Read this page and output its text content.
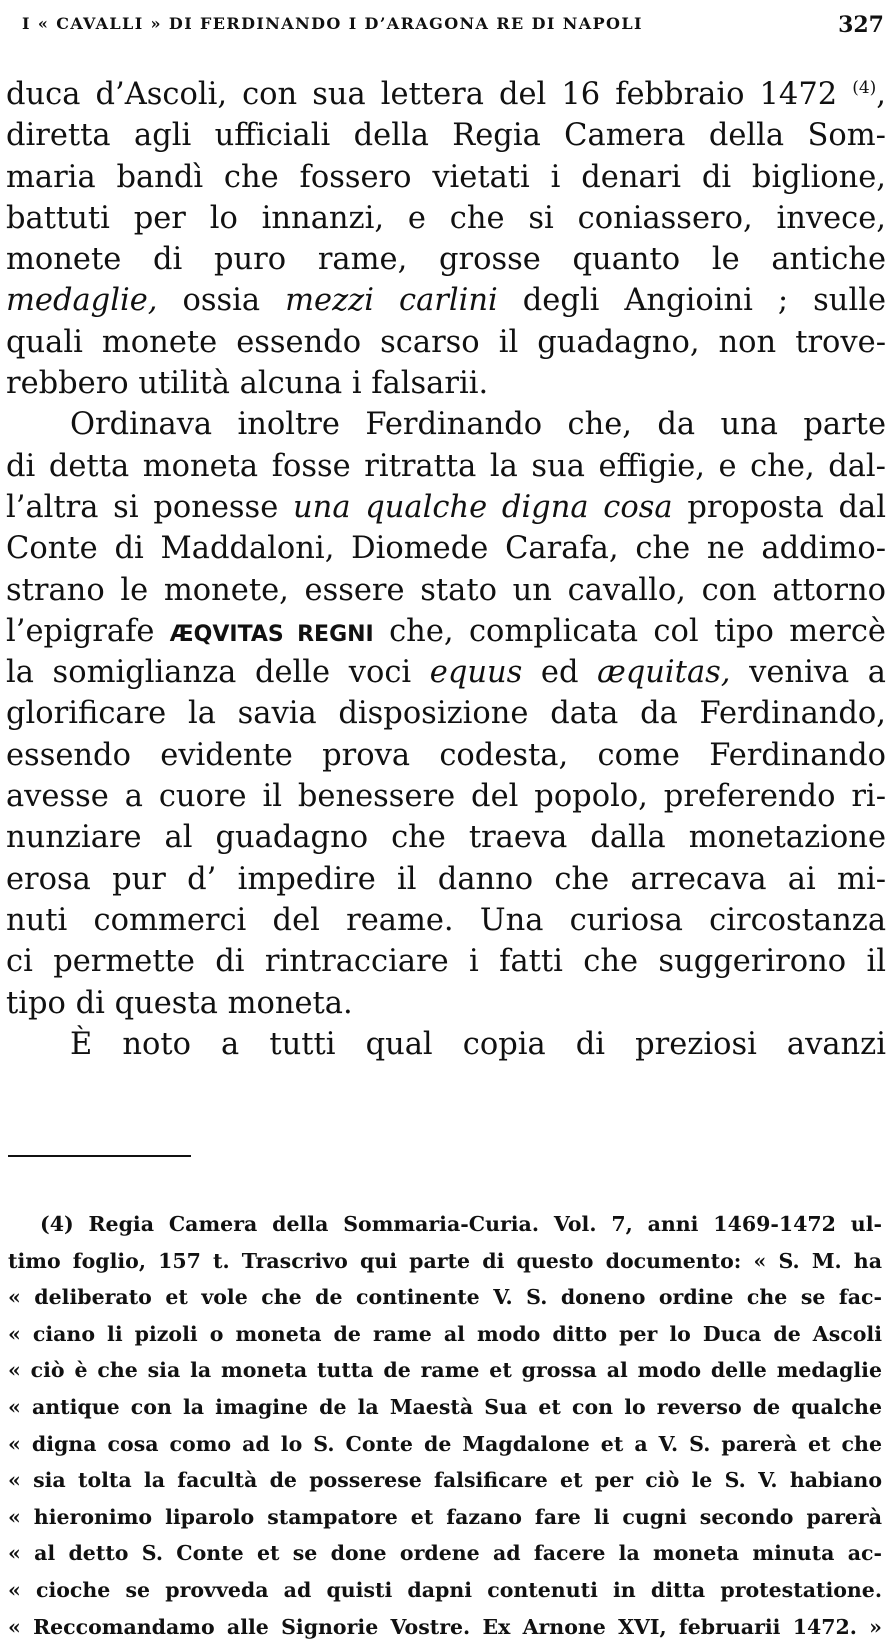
I « CAVALLI » DI FERDINANDO I D’ARAGONA RE DI NAPOLI	327
duca d’Ascoli, con sua lettera del 16 febbraio 1472 $^{(4)}$,
diretta agli ufficiali della Regia Camera della Som-
maria bandì che fossero vietati i denari di biglione,
battuti per lo innanzi, e che si coniassero, invece,
monete di puro rame, grosse quanto le antiche
medaglie, ossia mezzi carlini degli Angioini ; sulle
quali monete essendo scarso il guadagno, non trove-
rebbero utilità alcuna i falsarii.
Ordinava inoltre Ferdinando che, da una parte
di detta moneta fosse ritratta la sua effigie, e che, dal-
l’altra si ponesse una qualche digna cosa proposta dal
Conte di Maddaloni, Diomede Carafa, che ne addimo-
strano le monete, essere stato un cavallo, con attorno
l’epigrafe ÆQVITAS REGNI che, complicata col tipo mercè
la somiglianza delle voci equus ed æquitas, veniva a
glorificare la savia disposizione data da Ferdinando,
essendo evidente prova codesta, come Ferdinando
avesse a cuore il benessere del popolo, preferendo ri-
nunziare al guadagno che traeva dalla monetazione
erosa pur d’ impedire il danno che arrecava ai mi-
nuti commerci del reame. Una curiosa circostanza
ci permette di rintracciare i fatti che suggerirono il
tipo di questa moneta.
È noto a tutti qual copia di preziosi avanzi
(4) Regia Camera della Sommaria-Curia. Vol. 7, anni 1469-1472 ul-
timo foglio, 157 t. Trascrivo qui parte di questo documento: « S. M. ha
« deliberato et vole che de continente V. S. doneno ordine che se fac-
« ciano li pizoli o moneta de rame al modo ditto per lo Duca de Ascoli
« ciò è che sia la moneta tutta de rame et grossa al modo delle medaglie
« antique con la imagine de la Maestà Sua et con lo reverso de qualche
« digna cosa como ad lo S. Conte de Magdalone et a V. S. parerà et che
« sia tolta la facultà de posserese falsificare et per ciò le S. V. habiano
« hieronimo liparolo stampatore et fazano fare li cugni secondo parerà
« al detto S. Conte et se done ordene ad facere la moneta minuta ac-
« cioche se provveda ad quisti dapni contenuti in ditta protestatione.
« Reccomandamo alle Signorie Vostre. Ex Arnone XVI, februarii 1472. »
